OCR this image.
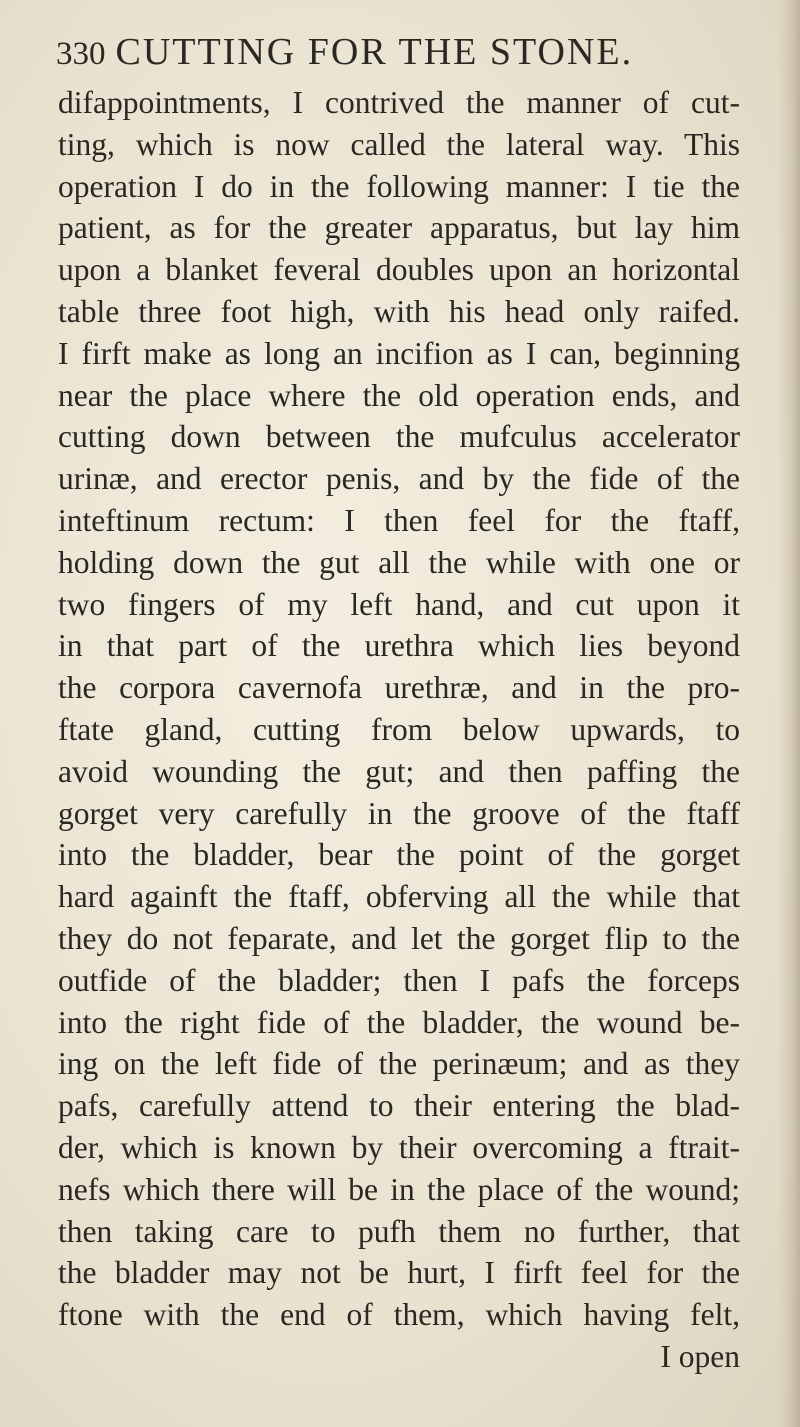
330 CUTTING FOR THE STONE.
difappointments, I contrived the manner of cut-
ting, which is now called the lateral way. This
operation I do in the following manner: I tie the
patient, as for the greater apparatus, but lay him
upon a blanket feveral doubles upon an horizontal
table three foot high, with his head only raifed.
I firft make as long an incifion as I can, beginning
near the place where the old operation ends, and
cutting down between the mufculus accelerator
urinæ, and erector penis, and by the fide of the
inteftinum rectum: I then feel for the ftaff,
holding down the gut all the while with one or
two fingers of my left hand, and cut upon it
in that part of the urethra which lies beyond
the corpora cavernofa urethræ, and in the pro-
ftate gland, cutting from below upwards, to
avoid wounding the gut; and then paffing the
gorget very carefully in the groove of the ftaff
into the bladder, bear the point of the gorget
hard againft the ftaff, obferving all the while that
they do not feparate, and let the gorget flip to the
outfide of the bladder; then I pafs the forceps
into the right fide of the bladder, the wound be-
ing on the left fide of the perinæum; and as they
pafs, carefully attend to their entering the blad-
der, which is known by their overcoming a ftrait-
nefs which there will be in the place of the wound;
then taking care to pufh them no further, that
the bladder may not be hurt, I firft feel for the
ftone with the end of them, which having felt,
I open
